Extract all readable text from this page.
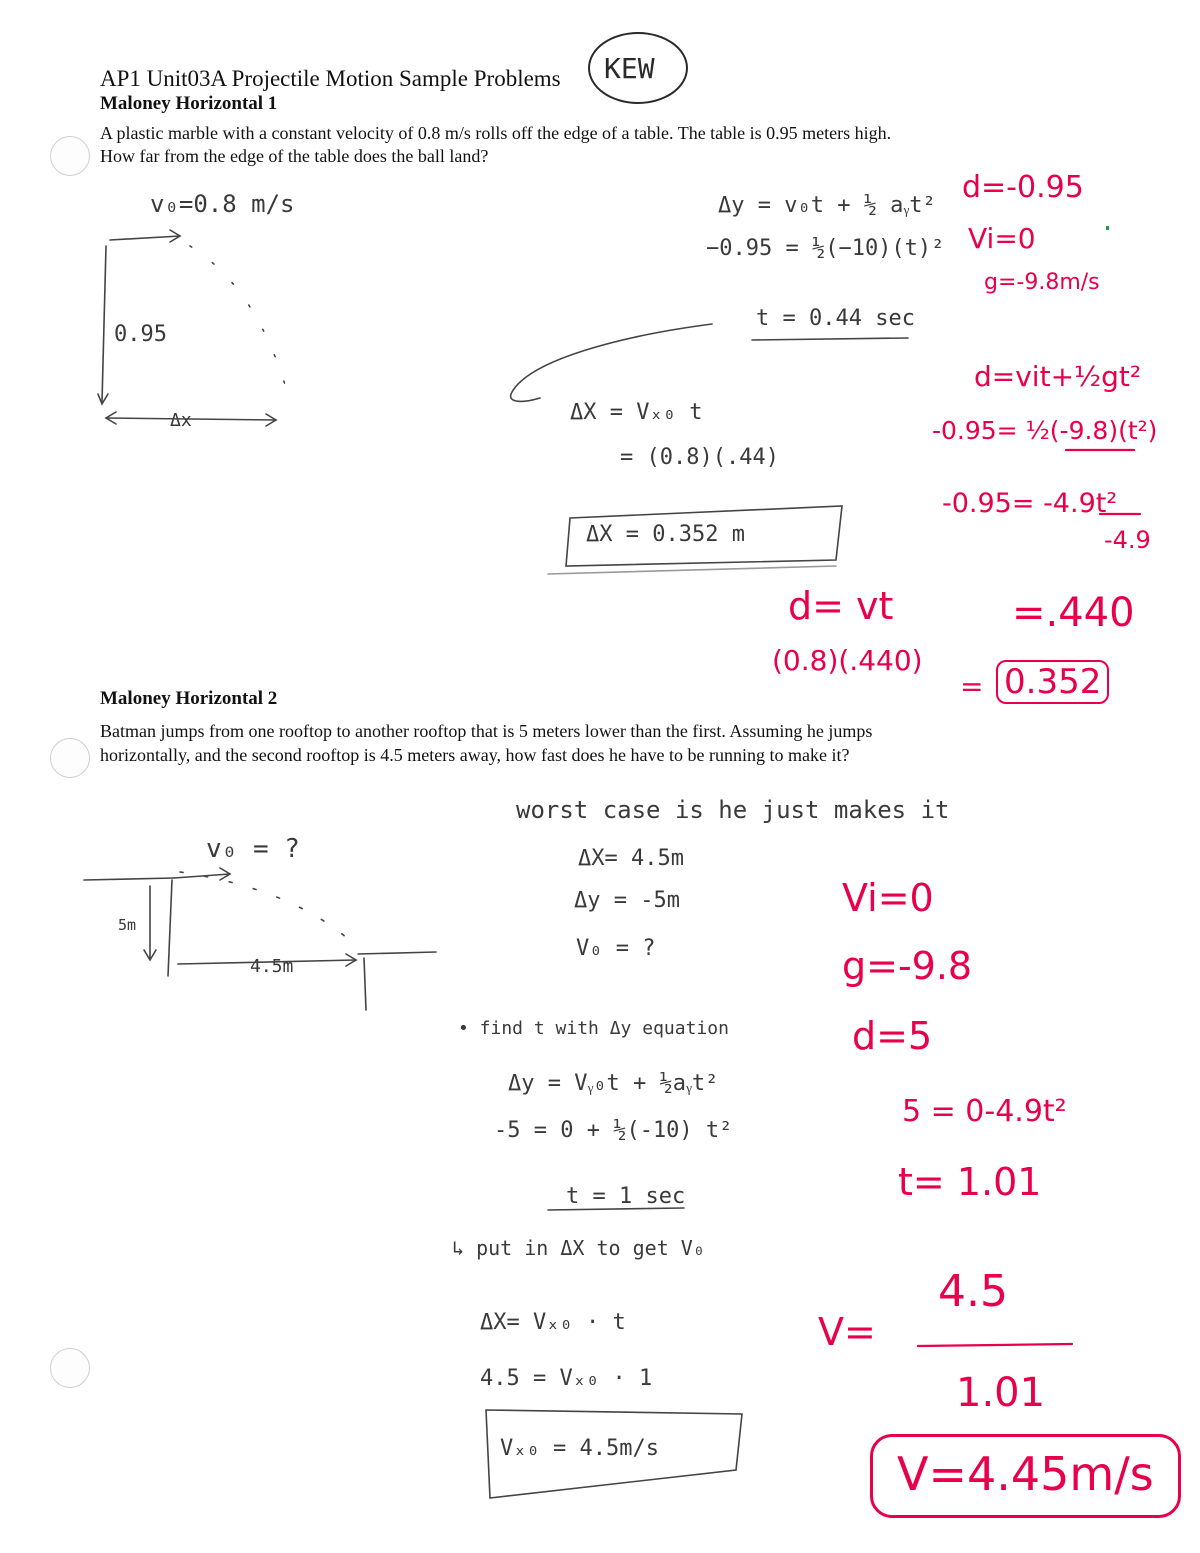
AP1 Unit03A Projectile Motion Sample Problems KEW
Maloney Horizontal 1
A plastic marble with a constant velocity of 0.8 m/s rolls off the edge of a table. The table is 0.95 meters high.
How far from the edge of the table does the ball land?
v₀=0.8 m/s
0.95
Δx
Δy = v₀t + ½ aᵧt²
−0.95 = ½(−10)(t)²
t = 0.44 sec
ΔX = Vₓ₀ t
= (0.8)(.44)
ΔX = 0.352 m
d=-0.95
Vi=0
g=-9.8m/s
d=vit+½gt²
-0.95= ½(-9.8)(t²)
-0.95= -4.9t²
-4.9
d= vt	=.440
(0.8)(.440)
= 0.352
Maloney Horizontal 2
Batman jumps from one rooftop to another rooftop that is 5 meters lower than the first. Assuming he jumps
horizontally, and the second rooftop is 4.5 meters away, how fast does he have to be running to make it?
v₀ = ?
5m
4.5m
worst case is he just makes it
ΔX= 4.5m
Δy = -5m
V₀ = ?
• find t with Δy equation
Δy = Vᵧ₀t + ½aᵧt²
-5 = 0 + ½(-10) t²
t = 1 sec
↳ put in ΔX to get V₀
ΔX= Vₓ₀ · t
4.5 = Vₓ₀ · 1
Vₓ₀ = 4.5m/s
Vi=0
g=-9.8
d=5
5 = 0-4.9t²
t= 1.01
V=
4.5
1.01
V=4.45m/s
